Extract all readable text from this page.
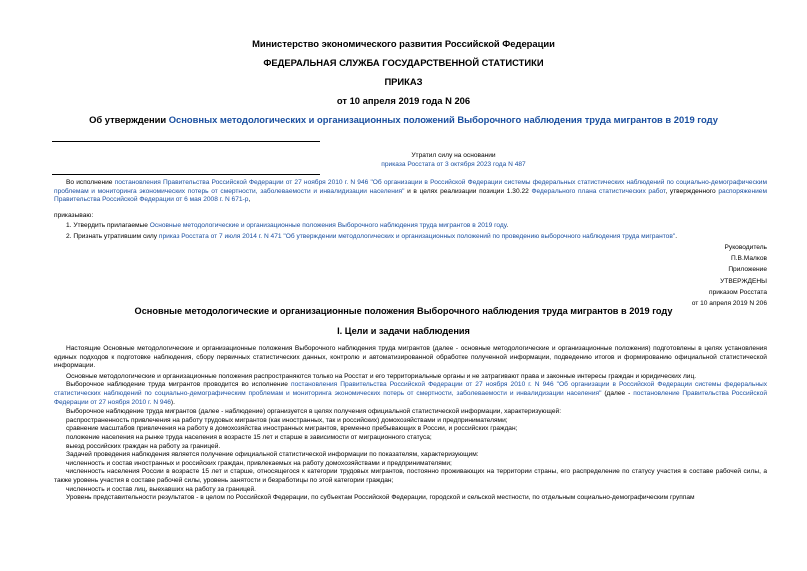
Министерство экономического развития Российской Федерации
ФЕДЕРАЛЬНАЯ СЛУЖБА ГОСУДАРСТВЕННОЙ СТАТИСТИКИ
ПРИКАЗ
от 10 апреля 2019 года N 206
Об утверждении Основных методологических и организационных положений Выборочного наблюдения труда мигрантов в 2019 году
Утратил силу на основании
приказа Росстата от 3 октября 2023 года N 487
Во исполнение постановления Правительства Российской Федерации от 27 ноября 2010 г. N 946 "Об организации в Российской Федерации системы федеральных статистических наблюдений по социально-демографическим проблемам и мониторинга экономических потерь от смертности, заболеваемости и инвалидизации населения" и в целях реализации позиции 1.30.22 Федерального плана статистических работ, утвержденного распоряжением Правительства Российской Федерации от 6 мая 2008 г. N 671-р,
приказываю:
1. Утвердить прилагаемые Основные методологические и организационные положения Выборочного наблюдения труда мигрантов в 2019 году.
2. Признать утратившим силу приказ Росстата от 7 июля 2014 г. N 471 "Об утверждении методологических и организационных положений по проведению выборочного наблюдения труда мигрантов".
Руководитель
П.В.Малков
Приложение
УТВЕРЖДЕНЫ
приказом Росстата
от 10 апреля 2019 N 206
Основные методологические и организационные положения Выборочного наблюдения труда мигрантов в 2019 году
I. Цели и задачи наблюдения
Настоящие Основные методологические и организационные положения Выборочного наблюдения труда мигрантов (далее - основные методологические и организационные положения) подготовлены в целях установления единых подходов к подготовке наблюдения, сбору первичных статистических данных, контролю и автоматизированной обработке полученной информации, подведению итогов и формированию официальной статистической информации.
Основные методологические и организационные положения распространяются только на Росстат и его территориальные органы и не затрагивают права и законные интересы граждан и юридических лиц.
Выборочное наблюдение труда мигрантов проводится во исполнение постановления Правительства Российской Федерации от 27 ноября 2010 г. N 946 "Об организации в Российской Федерации системы федеральных статистических наблюдений по социально-демографическим проблемам и мониторинга экономических потерь от смертности, заболеваемости и инвалидизации населения" (далее - постановление Правительства Российской Федерации от 27 ноября 2010 г. N 946).
Выборочное наблюдение труда мигрантов (далее - наблюдение) организуется в целях получения официальной статистической информации, характеризующей:
распространенность привлечения на работу трудовых мигрантов (как иностранных, так и российских) домохозяйствами и предпринимателями;
сравнение масштабов привлечения на работу в домохозяйства иностранных мигрантов, временно пребывающих в России, и российских граждан;
положение населения на рынке труда населения в возрасте 15 лет и старше в зависимости от миграционного статуса;
выезд российских граждан на работу за границей.
Задачей проведения наблюдения является получение официальной статистической информации по показателям, характеризующим:
численность и состав иностранных и российских граждан, привлекаемых на работу домохозяйствами и предпринимателями;
численность населения России в возрасте 15 лет и старше, относящегося к категории трудовых мигрантов, постоянно проживающих на территории страны, его распределение по статусу участия в составе рабочей силы, а также уровень участия в составе рабочей силы, уровень занятости и безработицы по этой категории граждан;
численность и состав лиц, выехавших на работу за границей.
Уровень представительности результатов - в целом по Российской Федерации, по субъектам Российской Федерации, городской и сельской местности, по отдельным социально-демографическим группам
